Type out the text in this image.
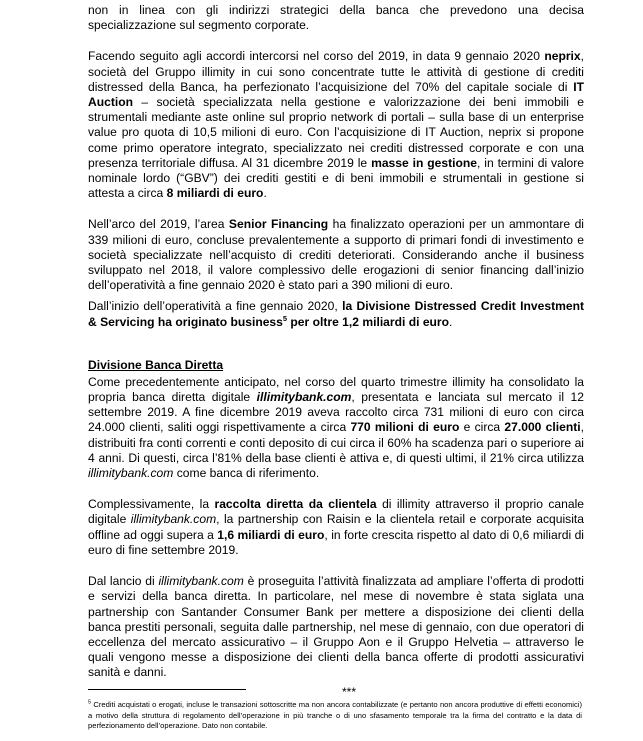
non in linea con gli indirizzi strategici della banca che prevedono una decisa specializzazione sul segmento corporate.

Facendo seguito agli accordi intercorsi nel corso del 2019, in data 9 gennaio 2020 neprix, società del Gruppo illimity in cui sono concentrate tutte le attività di gestione di crediti distressed della Banca, ha perfezionato l’acquisizione del 70% del capitale sociale di IT Auction – società specializzata nella gestione e valorizzazione dei beni immobili e strumentali mediante aste online sul proprio network di portali – sulla base di un enterprise value pro quota di 10,5 milioni di euro. Con l’acquisizione di IT Auction, neprix si propone come primo operatore integrato, specializzato nei crediti distressed corporate e con una presenza territoriale diffusa. Al 31 dicembre 2019 le masse in gestione, in termini di valore nominale lordo (“GBV”) dei crediti gestiti e di beni immobili e strumentali in gestione si attesta a circa 8 miliardi di euro.

Nell’arco del 2019, l’area Senior Financing ha finalizzato operazioni per un ammontare di 339 milioni di euro, concluse prevalentemente a supporto di primari fondi di investimento e società specializzate nell’acquisto di crediti deteriorati. Considerando anche il business sviluppato nel 2018, il valore complessivo delle erogazioni di senior financing dall’inizio dell’operatività a fine gennaio 2020 è stato pari a 390 milioni di euro.

Dall’inizio dell’operatività a fine gennaio 2020, la Divisione Distressed Credit Investment & Servicing ha originato business$^5$ per oltre 1,2 miliardi di euro.

Divisione Banca Diretta

Come precedentemente anticipato, nel corso del quarto trimestre illimity ha consolidato la propria banca diretta digitale illimitybank.com, presentata e lanciata sul mercato il 12 settembre 2019. A fine dicembre 2019 aveva raccolto circa 731 milioni di euro con circa 24.000 clienti, saliti oggi rispettivamente a circa 770 milioni di euro e circa 27.000 clienti, distribuiti fra conti correnti e conti deposito di cui circa il 60% ha scadenza pari o superiore ai 4 anni. Di questi, circa l’81% della base clienti è attiva e, di questi ultimi, il 21% circa utilizza illimitybank.com come banca di riferimento.

Complessivamente, la raccolta diretta da clientela di illimity attraverso il proprio canale digitale illimitybank.com, la partnership con Raisin e la clientela retail e corporate acquisita offline ad oggi supera a 1,6 miliardi di euro, in forte crescita rispetto al dato di 0,6 miliardi di euro di fine settembre 2019.

Dal lancio di illimitybank.com è proseguita l’attività finalizzata ad ampliare l’offerta di prodotti e servizi della banca diretta. In particolare, nel mese di novembre è stata siglata una partnership con Santander Consumer Bank per mettere a disposizione dei clienti della banca prestiti personali, seguita dalle partnership, nel mese di gennaio, con due operatori di eccellenza del mercato assicurativo – il Gruppo Aon e il Gruppo Helvetia – attraverso le quali vengono messe a disposizione dei clienti della banca offerte di prodotti assicurativi sanità e danni.

***

$^5$ Crediti acquistati o erogati, incluse le transazioni sottoscritte ma non ancora contabilizzate (e pertanto non ancora produttive di effetti economici) a motivo della struttura di regolamento dell’operazione in più tranche o di uno sfasamento temporale tra la firma del contratto e la data di perfezionamento dell’operazione. Dato non contabile.
